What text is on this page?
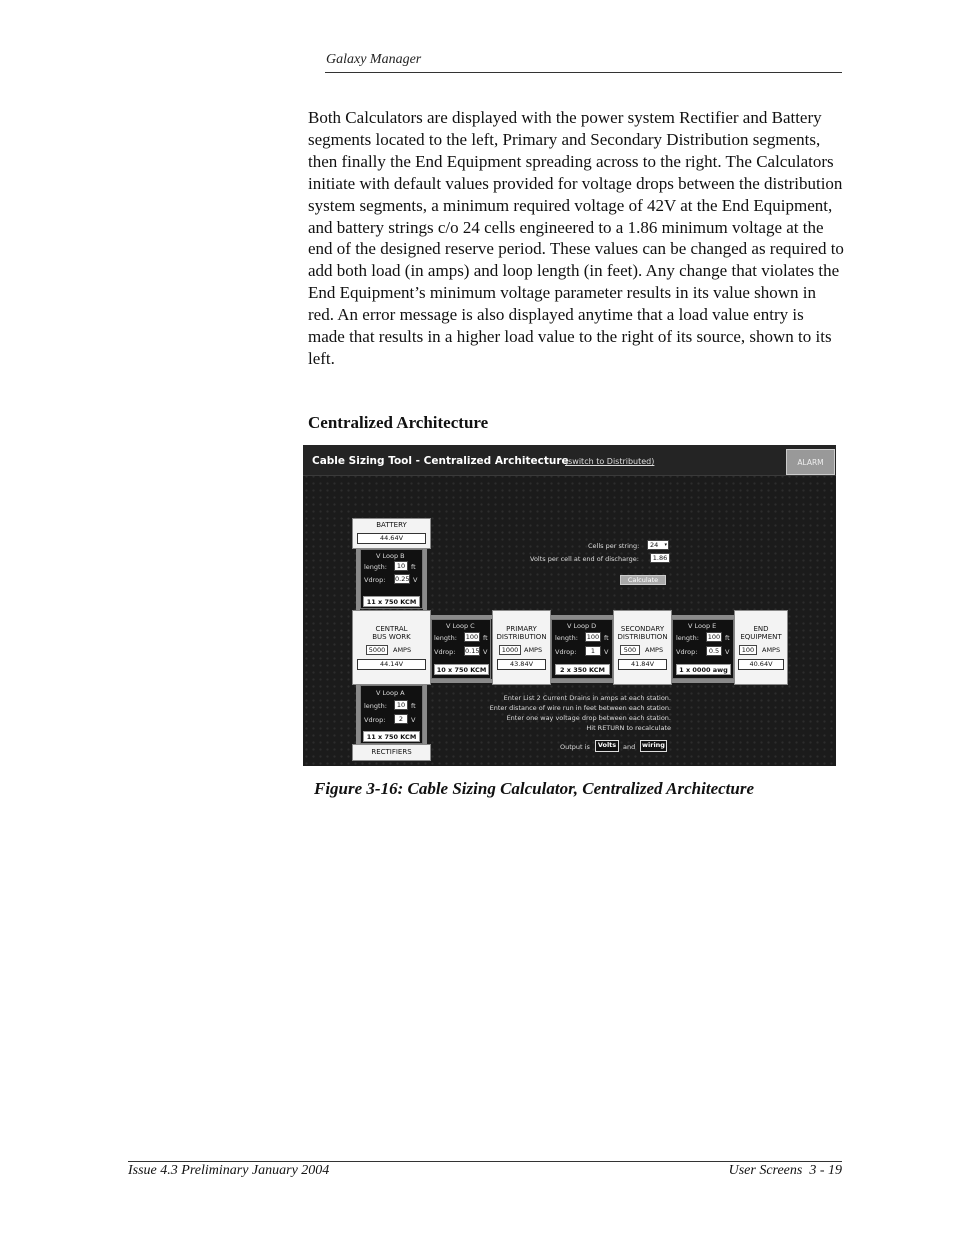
Galaxy Manager
Both Calculators are displayed with the power system Rectifier and Battery segments located to the left, Primary and Secondary Distribution segments, then finally the End Equipment spreading across to the right. The Calculators initiate with default values provided for voltage drops between the distribution system segments, a minimum required voltage of 42V at the End Equipment, and battery strings c/o 24 cells engineered to a 1.86 minimum voltage at the end of the designed reserve period. These values can be changed as required to add both load (in amps) and loop length (in feet). Any change that violates the End Equipment’s minimum voltage parameter results in its value shown in red. An error message is also displayed anytime that a load value entry is made that results in a higher load value to the right of its source, shown to its left.
Centralized Architecture
Cable Sizing Tool - Centralized Architecture
(switch to Distributed)	ALARM
BATTERY
44.64V
Cells per string:	24 ▾
Volts per cell at end of discharge:	1.86
Calculate
V Loop B
length:	10 ft
Vdrop: 0.25 V
11 x 750 KCM
CENTRAL
BUS WORK
5000	AMPS
44.14V
V Loop C
length: 100 ft
Vdrop: 0.15 V
10 x 750 KCM
PRIMARY
DISTRIBUTION
1000 AMPS
43.84V
V Loop D
length: 100 ft
Vdrop:	1	V
2 x 350 KCM
SECONDARY
DISTRIBUTION
500	AMPS
41.84V
V Loop E
length: 100 ft
Vdrop:	0.5 V
1 x 0000 awg
END
EQUIPMENT
100	AMPS
40.64V
V Loop A
length:	10 ft
Vdrop:	2	V
11 x 750 KCM
RECTIFIERS
Enter List 2 Current Drains in amps at each station.
Enter distance of wire run in feet between each station.
Enter one way voltage drop between each station.
Hit RETURN to recalculate
Output is	Volts	and	wiring
Figure 3-16: Cable Sizing Calculator, Centralized Architecture
Issue 4.3 Preliminary January 2004	User Screens  3 - 19
